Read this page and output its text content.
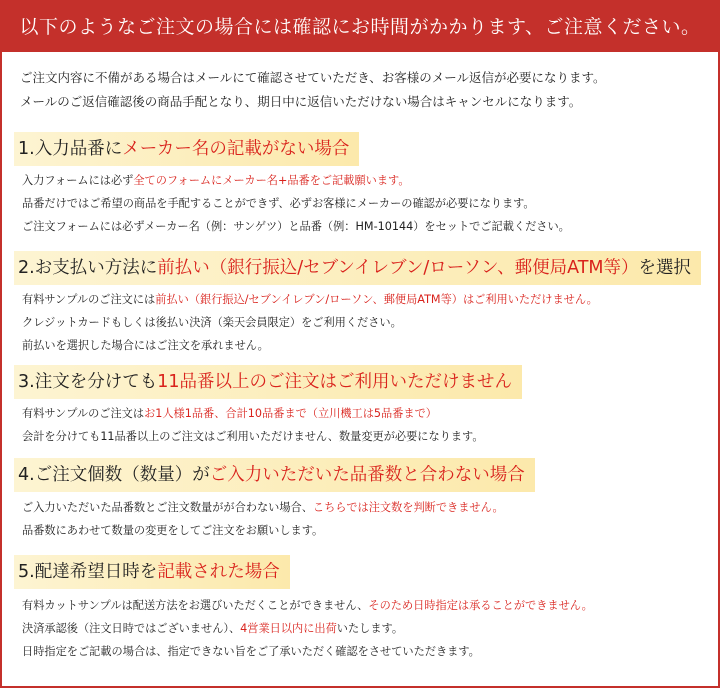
以下のようなご注文の場合には確認にお時間がかかります、ご注意ください。
ご注文内容に不備がある場合はメールにて確認させていただき、お客様のメール返信が必要になります。
メールのご返信確認後の商品手配となり、期日中に返信いただけない場合はキャンセルになります。
1.入力品番にメーカー名の記載がない場合
入力フォームには必ず全てのフォームにメーカー名+品番をご記載願います。
品番だけではご希望の商品を手配することができず、必ずお客様にメーカーの確認が必要になります。
ご注文フォームには必ずメーカー名（例：サンゲツ）と品番（例：HM-10144）をセットでご記載ください。
2.お支払い方法に前払い（銀行振込/セブンイレブン/ローソン、郵便局ATM等）を選択
有料サンプルのご注文には前払い（銀行振込/セブンイレブン/ローソン、郵便局ATM等）はご利用いただけません。
クレジットカードもしくは後払い決済（楽天会員限定）をご利用ください。
前払いを選択した場合にはご注文を承れません。
3.注文を分けても11品番以上のご注文はご利用いただけません
有料サンプルのご注文はお1人様1品番、合計10品番まで（立川機工は5品番まで）
会計を分けても11品番以上のご注文はご利用いただけません、数量変更が必要になります。
4.ご注文個数（数量）がご入力いただいた品番数と合わない場合
ご入力いただいた品番数とご注文数量がが合わない場合、こちらでは注文数を判断できません。
品番数にあわせて数量の変更をしてご注文をお願いします。
5.配達希望日時を記載された場合
有料カットサンプルは配送方法をお選びいただくことができません、そのため日時指定は承ることができません。
決済承認後（注文日時ではございません）、4営業日以内に出荷いたします。
日時指定をご記載の場合は、指定できない旨をご了承いただく確認をさせていただきます。
